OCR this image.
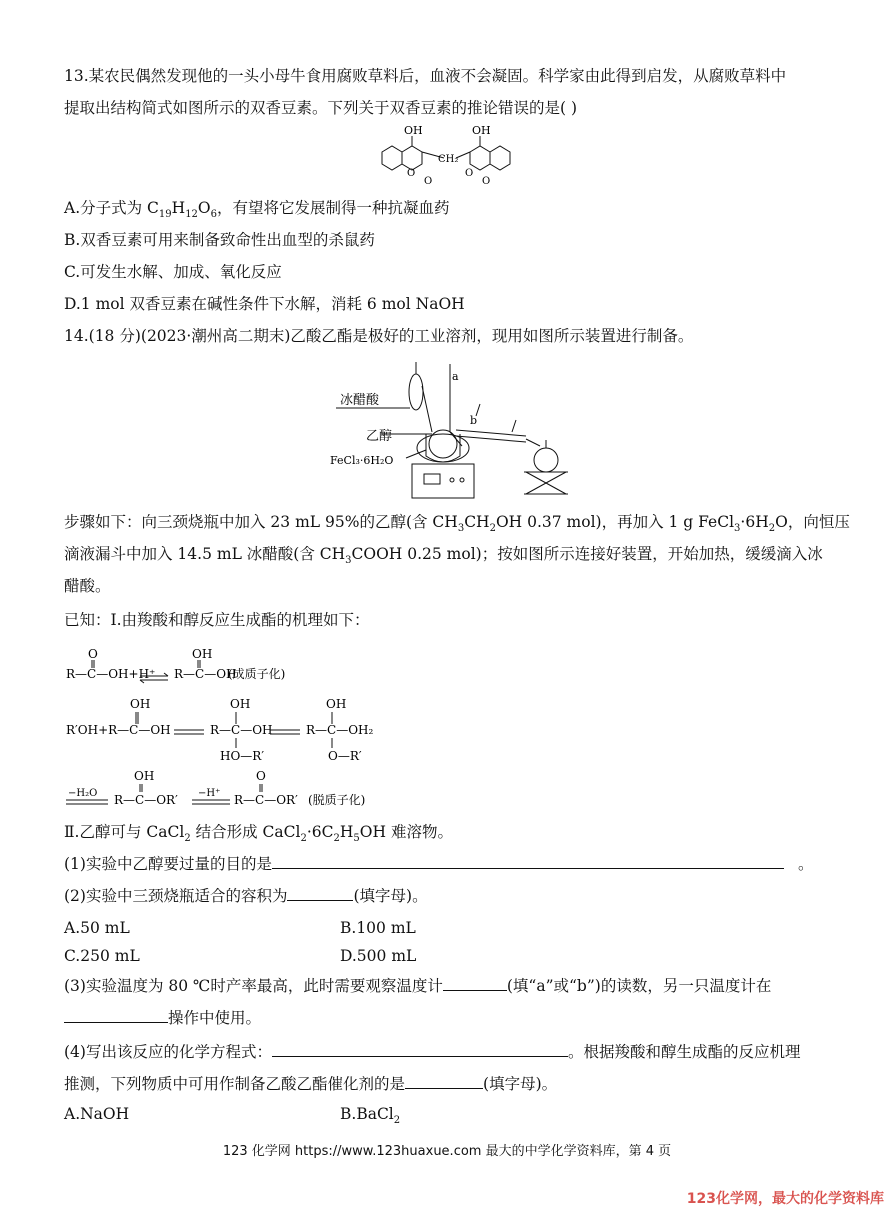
13.某农民偶然发现他的一头小母牛食用腐败草料后，血液不会凝固。科学家由此得到启发，从腐败草料中
提取出结构简式如图所示的双香豆素。下列关于双香豆素的推论错误的是( )
OH	OH
CH₂
O
O
O
O
A.分子式为 $C_{19}H_{12}O_6$，有望将它发展制得一种抗凝血药
B.双香豆素可用来制备致命性出血型的杀鼠药
C.可发生水解、加成、氧化反应
D.1 mol 双香豆素在碱性条件下水解，消耗 6 mol NaOH
14.(18 分)(2023·潮州高二期末)乙酸乙酯是极好的工业溶剂，现用如图所示装置进行制备。
a
b
冰醋酸
乙醇
FeCl₃·6H₂O
步骤如下：向三颈烧瓶中加入 23 mL 95%的乙醇(含 $CH_3CH_2OH$ 0.37 mol)，再加入 1 g $FeCl_3\cdot 6H_2O$，向恒压
滴液漏斗中加入 14.5 mL 冰醋酸(含 $CH_3COOH$ 0.25 mol)；按如图所示连接好装置，开始加热，缓缓滴入冰
醋酸。
已知：Ⅰ.由羧酸和醇反应生成酯的机理如下：
O
R—C—OH+H⁺
OH
R—C—OH
(成质子化)
OH
R′OH+R—C—OH
OH
R—C—OH
HO—R′
OH
R—C—OH₂
O—R′
−H₂O
OH
R—C—OR′ −H⁺
O
R—C—OR′ (脱质子化)
Ⅱ.乙醇可与 CaCl$_2$ 结合形成 $CaCl_2\cdot 6C_2H_5OH$ 难溶物。
(1)实验中乙醇要过量的目的是	。
(2)实验中三颈烧瓶适合的容积为	(填字母)。
A.50 mL	B.100 mL
C.250 mL	D.500 mL
(3)实验温度为 80 ℃时产率最高，此时需要观察温度计	(填“a”或“b”)的读数，另一只温度计在
操作中使用。
(4)写出该反应的化学方程式：	。根据羧酸和醇生成酯的反应机理
推测，下列物质中可用作制备乙酸乙酯催化剂的是	(填字母)。
A.NaOH	B.BaCl$_2$
123 化学网 https://www.123huaxue.com 最大的中学化学资料库，第 4 页
123化学网，最大的化学资料库
